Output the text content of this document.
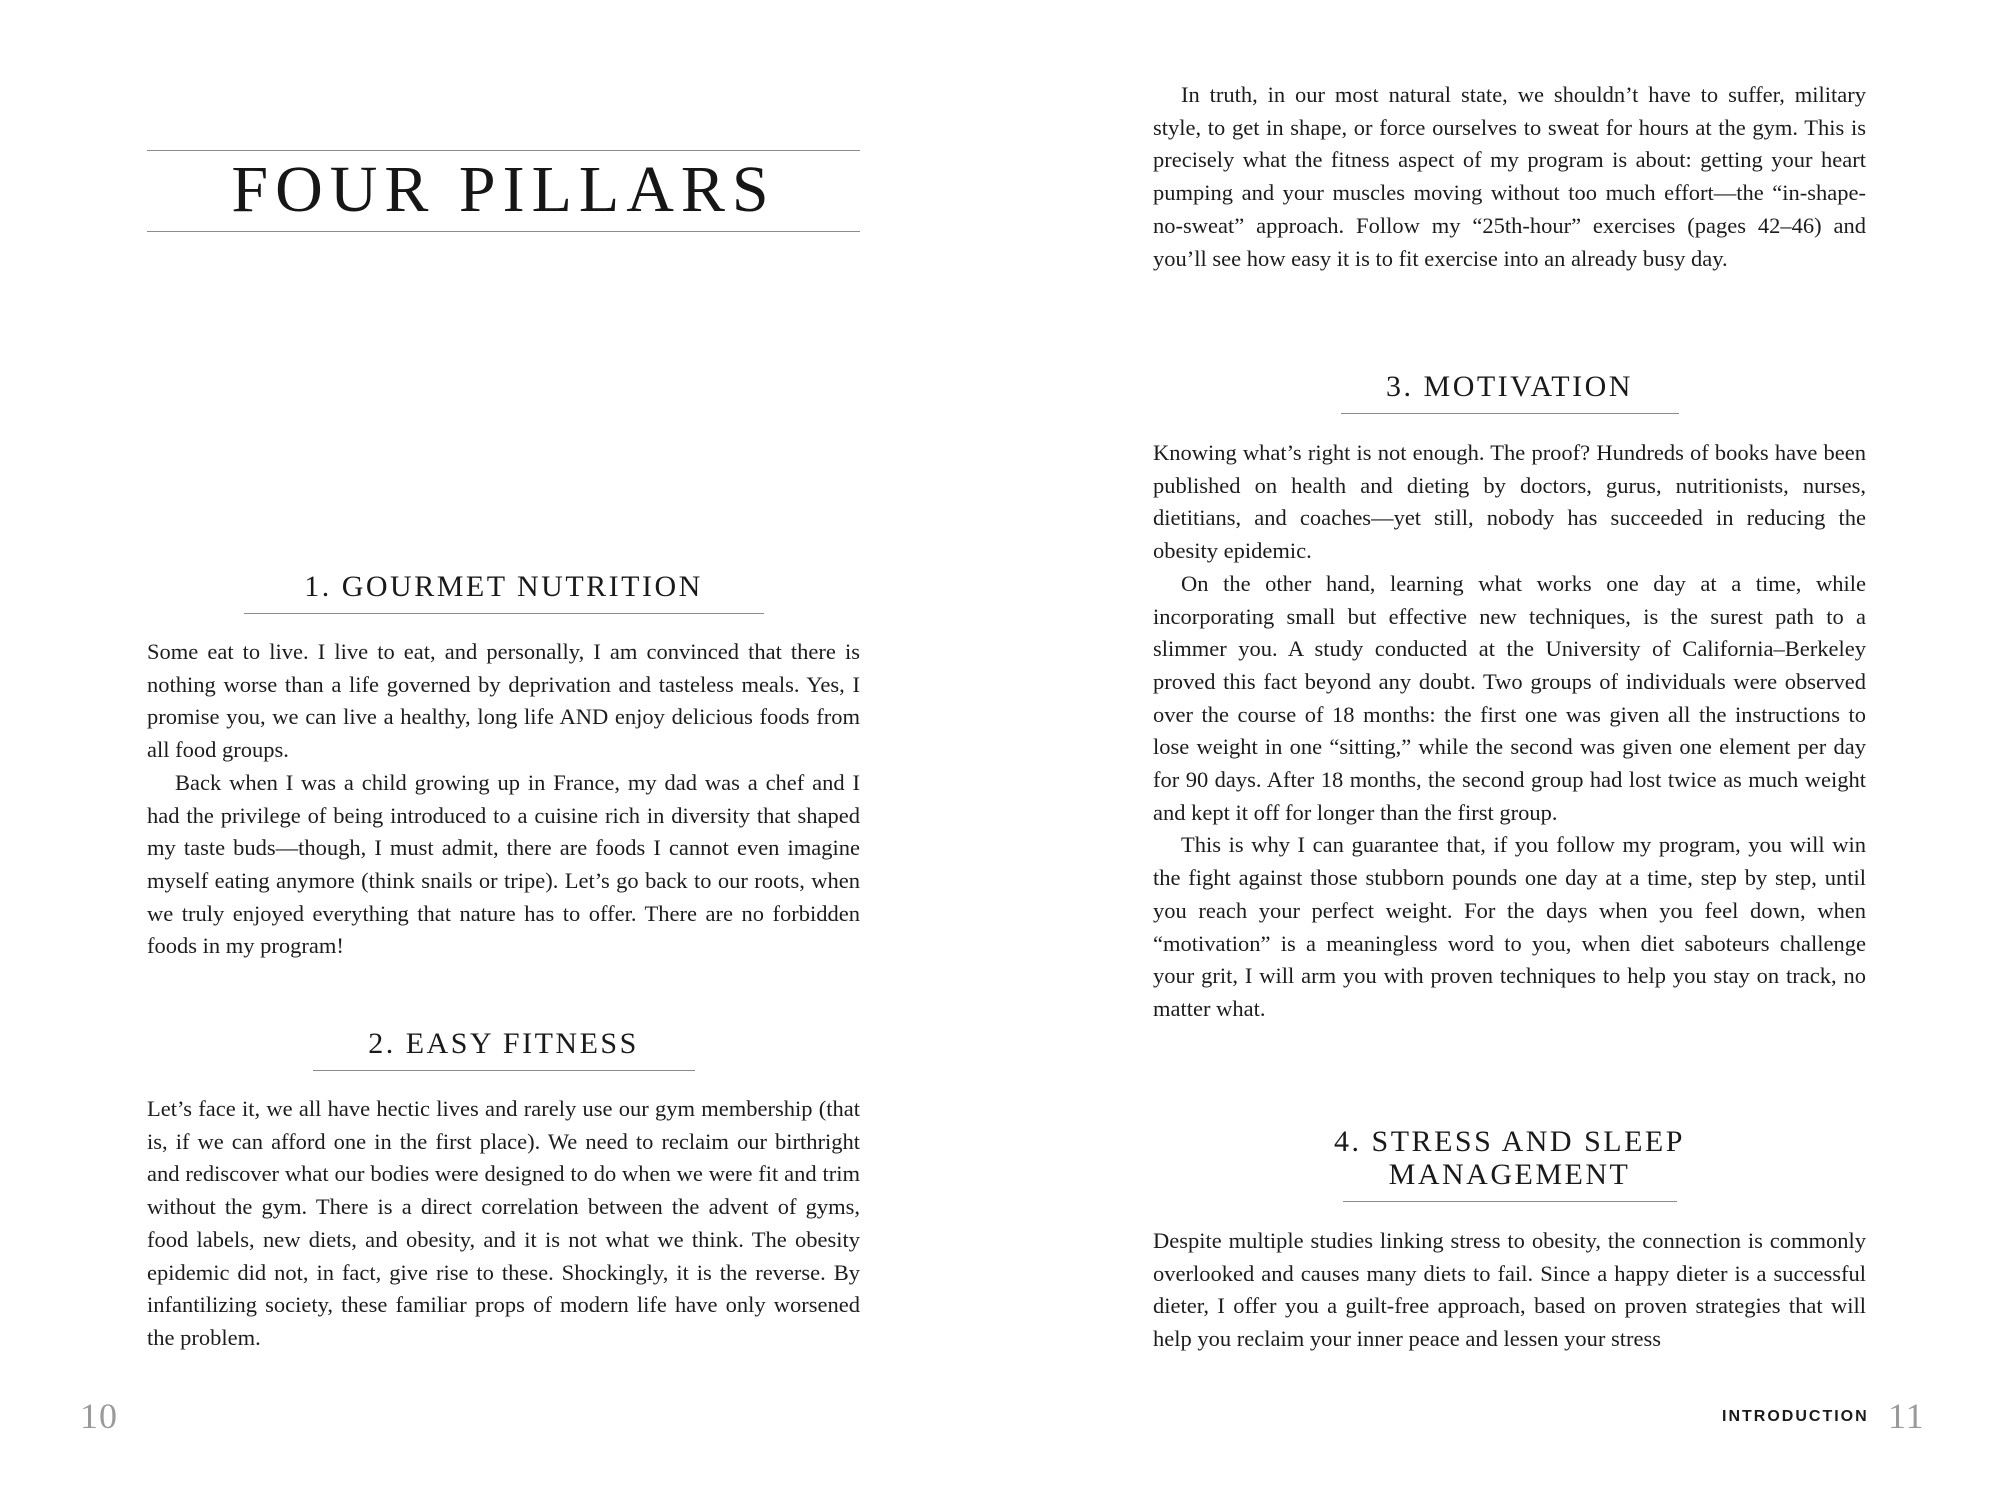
FOUR PILLARS
1. GOURMET NUTRITION

Some eat to live. I live to eat, and personally, I am convinced that there is nothing worse than a life governed by deprivation and tasteless meals. Yes, I promise you, we can live a healthy, long life AND enjoy delicious foods from all food groups.

Back when I was a child growing up in France, my dad was a chef and I had the privilege of being introduced to a cuisine rich in diversity that shaped my taste buds—though, I must admit, there are foods I cannot even imagine myself eating anymore (think snails or tripe). Let’s go back to our roots, when we truly enjoyed everything that nature has to offer. There are no forbidden foods in my program!

2. EASY FITNESS

Let’s face it, we all have hectic lives and rarely use our gym membership (that is, if we can afford one in the first place). We need to reclaim our birthright and rediscover what our bodies were designed to do when we were fit and trim without the gym. There is a direct correlation between the advent of gyms, food labels, new diets, and obesity, and it is not what we think. The obesity epidemic did not, in fact, give rise to these. Shockingly, it is the reverse. By infantilizing society, these familiar props of modern life have only worsened the problem.

10

In truth, in our most natural state, we shouldn’t have to suffer, military style, to get in shape, or force ourselves to sweat for hours at the gym. This is precisely what the fitness aspect of my program is about: getting your heart pumping and your muscles moving without too much effort—the “in-shape-no-sweat” approach. Follow my “25th-hour” exercises (pages 42–46) and you’ll see how easy it is to fit exercise into an already busy day.

3. MOTIVATION

Knowing what’s right is not enough. The proof? Hundreds of books have been published on health and dieting by doctors, gurus, nutritionists, nurses, dietitians, and coaches—yet still, nobody has succeeded in reducing the obesity epidemic.

On the other hand, learning what works one day at a time, while incorporating small but effective new techniques, is the surest path to a slimmer you. A study conducted at the University of California–Berkeley proved this fact beyond any doubt. Two groups of individuals were observed over the course of 18 months: the first one was given all the instructions to lose weight in one “sitting,” while the second was given one element per day for 90 days. After 18 months, the second group had lost twice as much weight and kept it off for longer than the first group.

This is why I can guarantee that, if you follow my program, you will win the fight against those stubborn pounds one day at a time, step by step, until you reach your perfect weight. For the days when you feel down, when “motivation” is a meaningless word to you, when diet saboteurs challenge your grit, I will arm you with proven techniques to help you stay on track, no matter what.

4. STRESS AND SLEEP
MANAGEMENT

Despite multiple studies linking stress to obesity, the connection is commonly overlooked and causes many diets to fail. Since a happy dieter is a successful dieter, I offer you a guilt-free approach, based on proven strategies that will help you reclaim your inner peace and lessen your stress

INTRODUCTION 11
